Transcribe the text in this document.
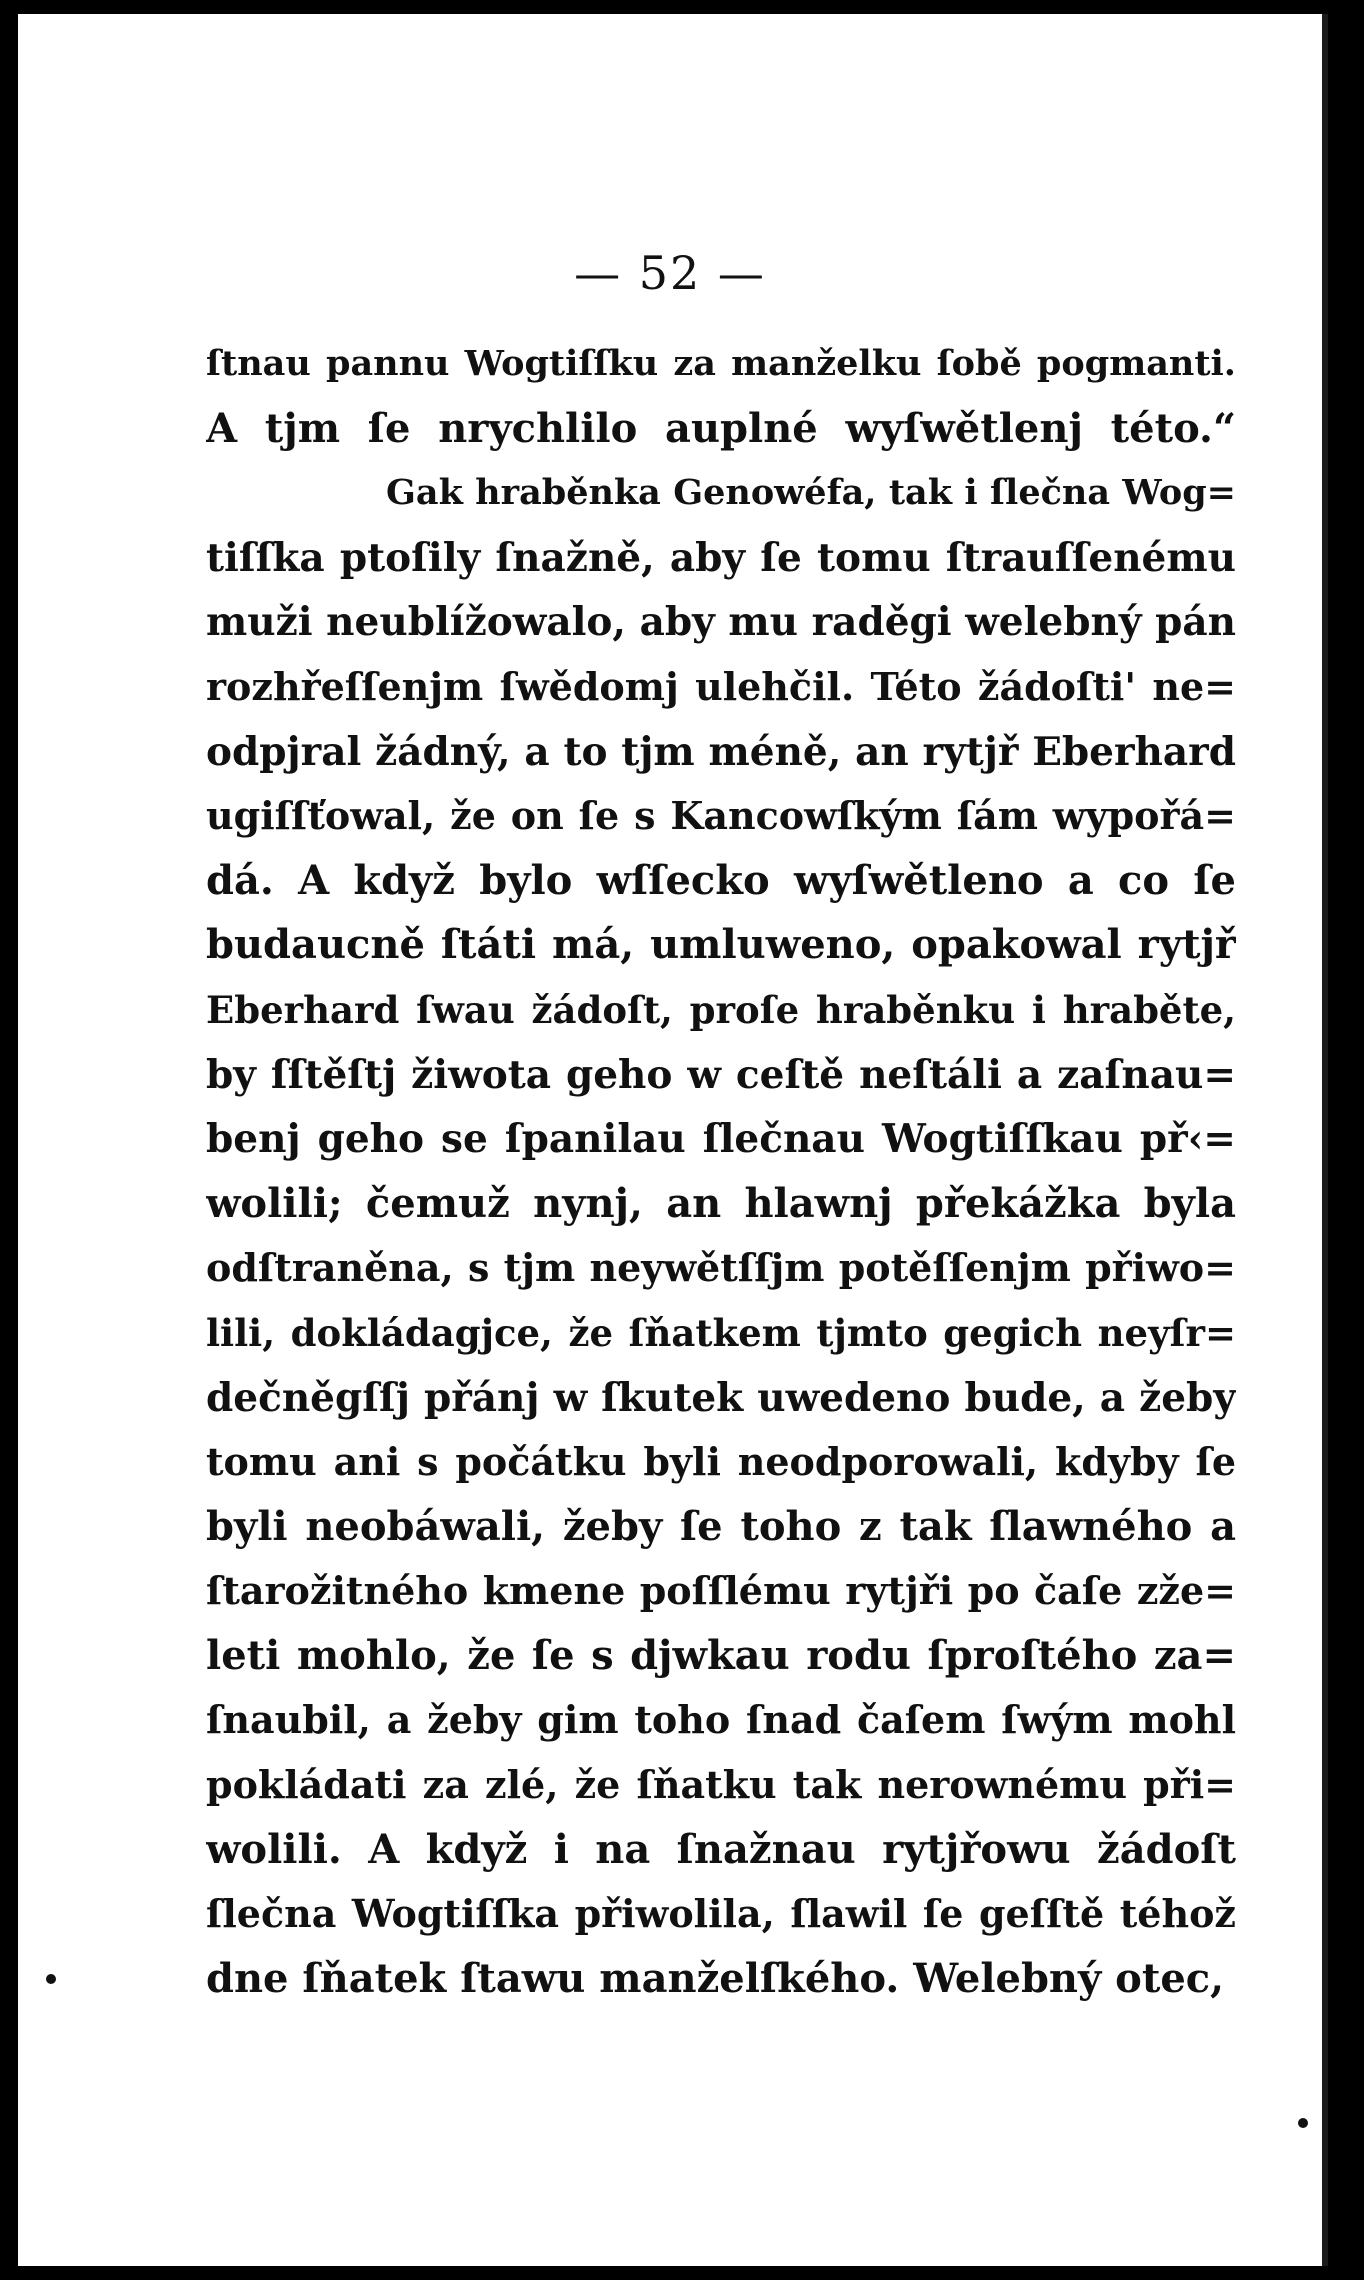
— 52 —
ſtnau pannu Wogtiſſku za manželku ſobě pogmanti.
A tjm ſe nrychlilo auplné wyſwětlenj této.“
Gak hraběnka Genowéfa, tak i ſlečna Wog=
tiſſka ptoſily ſnažně, aby ſe tomu ſtrauſſenému
muži neublížowalo, aby mu raděgi welebný pán
rozhřeſſenjm ſwědomj ulehčil. Této žádoſti' ne=
odpjral žádný, a to tjm méně, an rytjř Eberhard
ugiſſťowal, že on ſe s Kancowſkým ſám wypořá=
dá. A když bylo wſſecko wyſwětleno a co ſe
budaucně ſtáti má, umluweno, opakowal rytjř
Eberhard ſwau žádoſt, proſe hraběnku i hraběte,
by ſſtěſtj žiwota geho w ceſtě neſtáli a zaſnau=
benj geho se ſpanilau ſlečnau Wogtiſſkau př‹=
wolili; čemuž nynj, an hlawnj překážka byla
odſtraněna, s tjm neywětſſjm potěſſenjm přiwo=
lili, dokládagjce, že ſňatkem tjmto gegich neyſr=
dečněgſſj přánj w ſkutek uwedeno bude, a žeby
tomu ani s počátku byli neodporowali, kdyby ſe
byli neobáwali, žeby ſe toho z tak ſlawného a
ſtarožitného kmene poſſlému rytjři po čaſe zže=
leti mohlo, že ſe s djwkau rodu ſproſtého za=
ſnaubil, a žeby gim toho ſnad čaſem ſwým mohl
pokládati za zlé, že ſňatku tak nerownému při=
wolili. A když i na ſnažnau rytjřowu žádoſt
ſlečna Wogtiſſka přiwolila, ſlawil ſe geſſtě téhož
dne ſňatek ſtawu manželſkého. Welebný otec,
